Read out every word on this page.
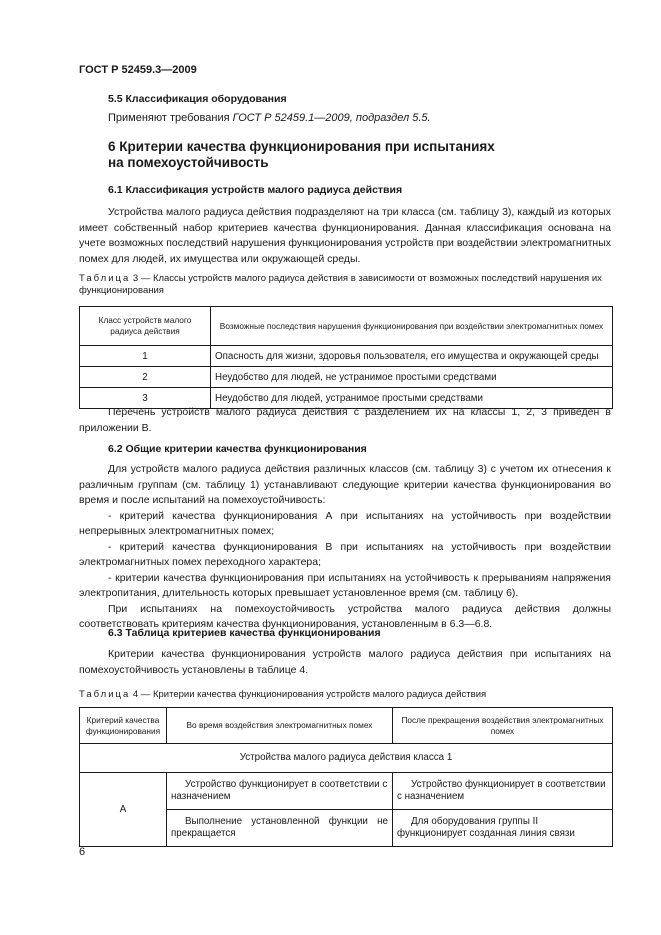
ГОСТ Р 52459.3—2009
5.5 Классификация оборудования
Применяют требования ГОСТ Р 52459.1—2009, подраздел 5.5.
6 Критерии качества функционирования при испытаниях
на помехоустойчивость
6.1 Классификация устройств малого радиуса действия
Устройства малого радиуса действия подразделяют на три класса (см. таблицу 3), каждый из которых имеет собственный набор критериев качества функционирования. Данная классификация основана на учете возможных последствий нарушения функционирования устройств при воздействии электромагнитных помех для людей, их имущества или окружающей среды.
Таблица 3 — Классы устройств малого радиуса действия в зависимости от возможных последствий нарушения их функционирования
Класс устройств малого радиуса действия	Возможные последствия нарушения функционирования при воздействии электромагнитных помех
1	Опасность для жизни, здоровья пользователя, его имущества и окружающей среды
2	Неудобство для людей, не устранимое простыми средствами
3	Неудобство для людей, устранимое простыми средствами
Перечень устройств малого радиуса действия с разделением их на классы 1, 2, 3 приведен в приложении В.
6.2 Общие критерии качества функционирования
Для устройств малого радиуса действия различных классов (см. таблицу 3) с учетом их отнесения к различным группам (см. таблицу 1) устанавливают следующие критерии качества функционирования во время и после испытаний на помехоустойчивость:
- критерий качества функционирования А при испытаниях на устойчивость при воздействии непрерывных электромагнитных помех;
- критерий качества функционирования В при испытаниях на устойчивость при воздействии электромагнитных помех переходного характера;
- критерии качества функционирования при испытаниях на устойчивость к прерываниям напряжения электропитания, длительность которых превышает установленное время (см. таблицу 6).
При испытаниях на помехоустойчивость устройства малого радиуса действия должны соответствовать критериям качества функционирования, установленным в 6.3—6.8.
6.3 Таблица критериев качества функционирования
Критерии качества функционирования устройств малого радиуса действия при испытаниях на помехоустойчивость установлены в таблице 4.
Таблица 4 — Критерии качества функционирования устройств малого радиуса действия
Критерий качества функционирования	Во время воздействия электромагнитных помех	После прекращения воздействия электромагнитных помех
Устройства малого радиуса действия класса 1		
А	Устройство функционирует в соответствии с назначением	Устройство функционирует в соответствии с назначением
	Выполнение установленной функции не прекращается	Для оборудования группы II функционирует созданная линия связи
6
